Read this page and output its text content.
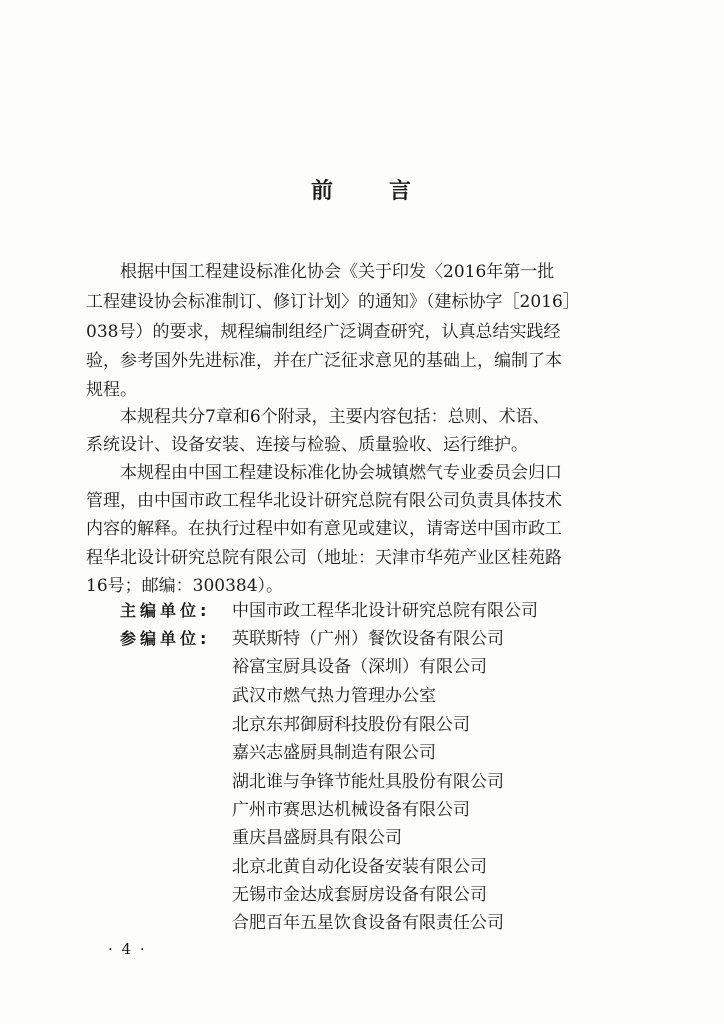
前 言
根据中国工程建设标准化协会《关于印发〈2016年第一批
工程建设协会标准制订、修订计划〉的通知》（建标协字［2016］
038号）的要求，规程编制组经广泛调查研究，认真总结实践经
验，参考国外先进标准，并在广泛征求意见的基础上，编制了本
规程。
本规程共分7章和6个附录，主要内容包括：总则、术语、
系统设计、设备安装、连接与检验、质量验收、运行维护。
本规程由中国工程建设标准化协会城镇燃气专业委员会归口
管理，由中国市政工程华北设计研究总院有限公司负责具体技术
内容的解释。在执行过程中如有意见或建议，请寄送中国市政工
程华北设计研究总院有限公司（地址：天津市华苑产业区桂苑路
16号；邮编：300384）。
主编单位: 中国市政工程华北设计研究总院有限公司
参编单位: 英联斯特（广州）餐饮设备有限公司
裕富宝厨具设备（深圳）有限公司
武汉市燃气热力管理办公室
北京东邦御厨科技股份有限公司
嘉兴志盛厨具制造有限公司
湖北谁与争锋节能灶具股份有限公司
广州市赛思达机械设备有限公司
重庆昌盛厨具有限公司
北京北黄自动化设备安装有限公司
无锡市金达成套厨房设备有限公司
合肥百年五星饮食设备有限责任公司
· 4 ·
